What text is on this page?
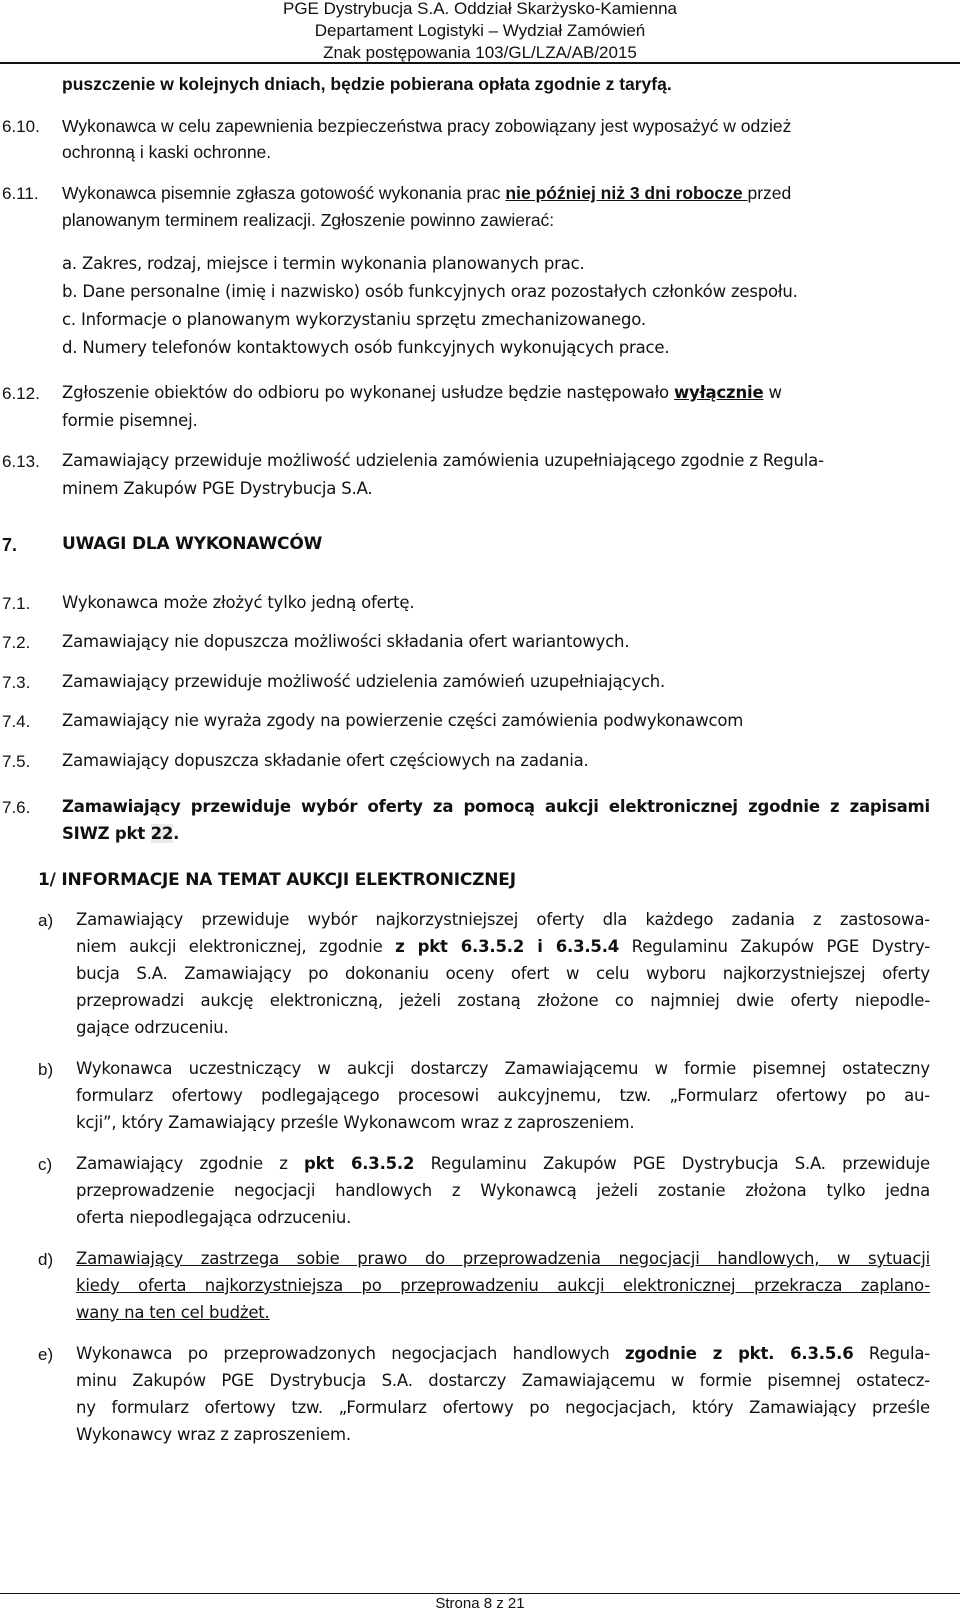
PGE Dystrybucja S.A. Oddział Skarżysko-Kamienna
Departament Logistyki – Wydział Zamówień
Znak postępowania 103/GL/LZA/AB/2015
puszczenie w kolejnych dniach, będzie pobierana opłata zgodnie z taryfą.
6.10. Wykonawca w celu zapewnienia bezpieczeństwa pracy zobowiązany jest wyposażyć w odzież
ochronną i kaski ochronne.
6.11. Wykonawca pisemnie zgłasza gotowość wykonania prac nie później niż 3 dni robocze przed
planowanym terminem realizacji. Zgłoszenie powinno zawierać:
a. Zakres, rodzaj, miejsce i termin wykonania planowanych prac.
b. Dane personalne (imię i nazwisko) osób funkcyjnych oraz pozostałych członków zespołu.
c. Informacje o planowanym wykorzystaniu sprzętu zmechanizowanego.
d. Numery telefonów kontaktowych osób funkcyjnych wykonujących prace.
6.12. Zgłoszenie obiektów do odbioru po wykonanej usłudze będzie następowało wyłącznie w
formie pisemnej.
6.13. Zamawiający przewiduje możliwość udzielenia zamówienia uzupełniającego zgodnie z Regula-
minem Zakupów PGE Dystrybucja S.A.
7.	UWAGI DLA WYKONAWCÓW
7.1. Wykonawca może złożyć tylko jedną ofertę.
7.2. Zamawiający nie dopuszcza możliwości składania ofert wariantowych.
7.3. Zamawiający przewiduje możliwość udzielenia zamówień uzupełniających.
7.4. Zamawiający nie wyraża zgody na powierzenie części zamówienia podwykonawcom
7.5. Zamawiający dopuszcza składanie ofert częściowych na zadania.
7.6. Zamawiający przewiduje wybór oferty za pomocą aukcji elektronicznej zgodnie z zapisami
SIWZ pkt 22.
1/ INFORMACJE NA TEMAT AUKCJI ELEKTRONICZNEJ
a) Zamawiający przewiduje wybór najkorzystniejszej oferty dla każdego zadania z zastosowa-
niem aukcji elektronicznej, zgodnie z pkt 6.3.5.2 i 6.3.5.4 Regulaminu Zakupów PGE Dystry-
bucja S.A. Zamawiający po dokonaniu oceny ofert w celu wyboru najkorzystniejszej oferty
przeprowadzi aukcję elektroniczną, jeżeli zostaną złożone co najmniej dwie oferty niepodle-
gające odrzuceniu.
b) Wykonawca uczestniczący w aukcji dostarczy Zamawiającemu w formie pisemnej ostateczny
formularz ofertowy podlegającego procesowi aukcyjnemu, tzw. „Formularz ofertowy po au-
kcji”, który Zamawiający prześle Wykonawcom wraz z zaproszeniem.
c) Zamawiający zgodnie z pkt 6.3.5.2 Regulaminu Zakupów PGE Dystrybucja S.A. przewiduje
przeprowadzenie negocjacji handlowych z Wykonawcą jeżeli zostanie złożona tylko jedna
oferta niepodlegająca odrzuceniu.
d) Zamawiający zastrzega sobie prawo do przeprowadzenia negocjacji handlowych, w sytuacji
kiedy oferta najkorzystniejsza po przeprowadzeniu aukcji elektronicznej przekracza zaplano-
wany na ten cel budżet.
e) Wykonawca po przeprowadzonych negocjacjach handlowych zgodnie z pkt. 6.3.5.6 Regula-
minu Zakupów PGE Dystrybucja S.A. dostarczy Zamawiającemu w formie pisemnej ostatecz-
ny formularz ofertowy tzw. „Formularz ofertowy po negocjacjach, który Zamawiający prześle
Wykonawcy wraz z zaproszeniem.
Strona 8 z 21
